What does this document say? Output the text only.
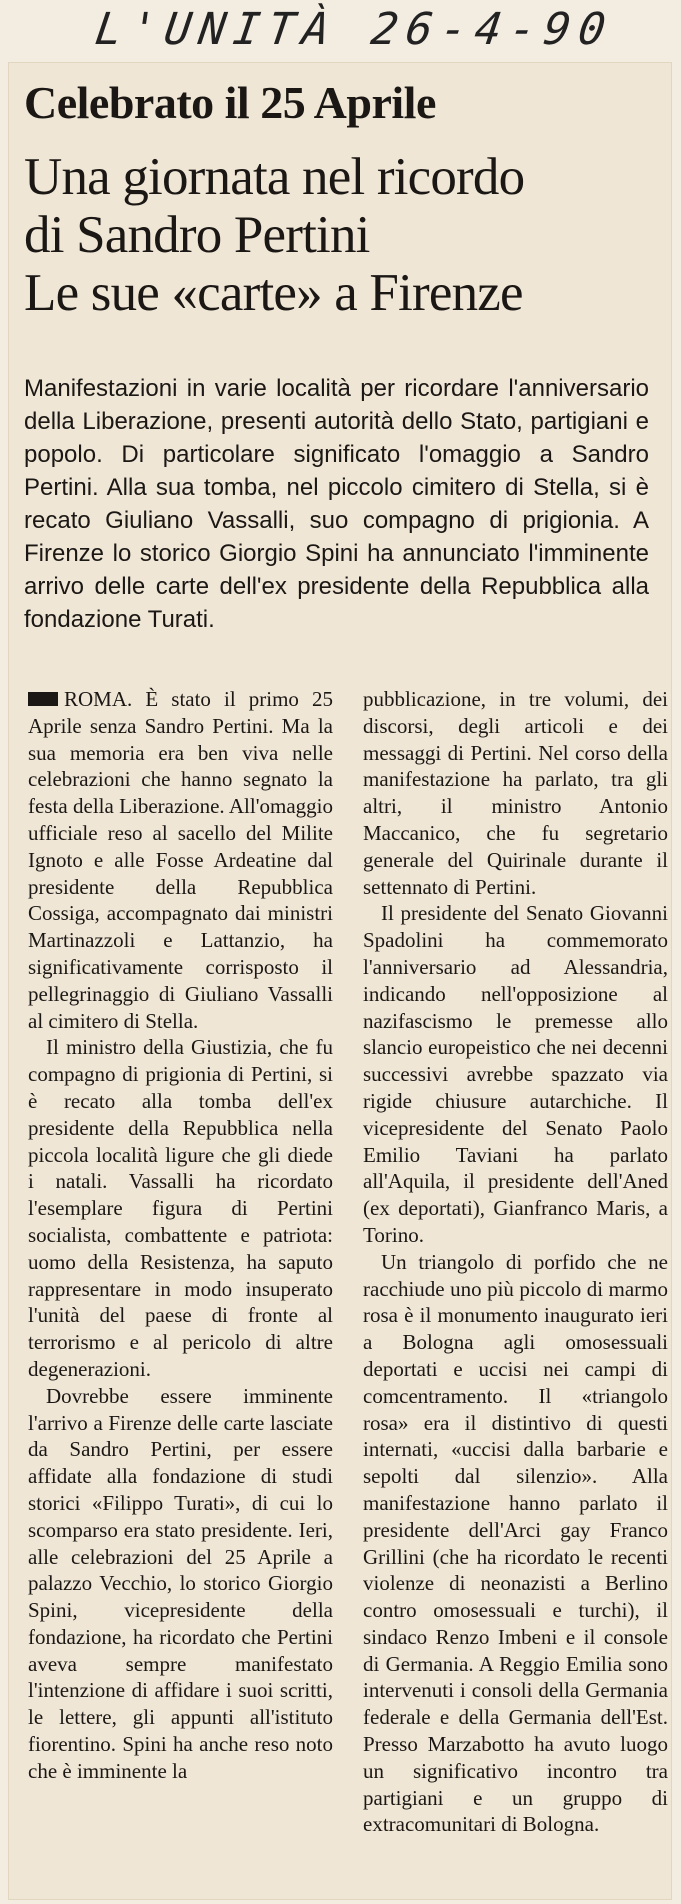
L'UNITÀ 26-4-90
Celebrato il 25 Aprile
Una giornata nel ricordo
di Sandro Pertini
Le sue «carte» a Firenze
Manifestazioni in varie località per ricordare l'anniversario della Liberazione, presenti autorità dello Stato, partigiani e popolo. Di particolare significato l'omaggio a Sandro Pertini. Alla sua tomba, nel piccolo cimitero di Stella, si è recato Giuliano Vassalli, suo compagno di prigionia. A Firenze lo storico Giorgio Spini ha annunciato l'imminente arrivo delle carte dell'ex presidente della Repubblica alla fondazione Turati.

ROMA. È stato il primo 25 Aprile senza Sandro Pertini. Ma la sua memoria era ben viva nelle celebrazioni che hanno segnato la festa della Liberazione. All'omaggio ufficiale reso al sacello del Milite Ignoto e alle Fosse Ardeatine dal presidente della Repubblica Cossiga, accompagnato dai ministri Martinazzoli e Lattanzio, ha significativamente corrisposto il pellegrinaggio di Giuliano Vassalli al cimitero di Stella.

Il ministro della Giustizia, che fu compagno di prigionia di Pertini, si è recato alla tomba dell'ex presidente della Repubblica nella piccola località ligure che gli diede i natali. Vassalli ha ricordato l'esemplare figura di Pertini socialista, combattente e patriota: uomo della Resistenza, ha saputo rappresentare in modo insuperato l'unità del paese di fronte al terrorismo e al pericolo di altre degenerazioni.

Dovrebbe essere imminente l'arrivo a Firenze delle carte lasciate da Sandro Pertini, per essere affidate alla fondazione di studi storici «Filippo Turati», di cui lo scomparso era stato presidente. Ieri, alle celebrazioni del 25 Aprile a palazzo Vecchio, lo storico Giorgio Spini, vicepresidente della fondazione, ha ricordato che Pertini aveva sempre manifestato l'intenzione di affidare i suoi scritti, le lettere, gli appunti all'istituto fiorentino. Spini ha anche reso noto che è imminente la

pubblicazione, in tre volumi, dei discorsi, degli articoli e dei messaggi di Pertini. Nel corso della manifestazione ha parlato, tra gli altri, il ministro Antonio Maccanico, che fu segretario generale del Quirinale durante il settennato di Pertini.

Il presidente del Senato Giovanni Spadolini ha commemorato l'anniversario ad Alessandria, indicando nell'opposizione al nazifascismo le premesse allo slancio europeistico che nei decenni successivi avrebbe spazzato via rigide chiusure autarchiche. Il vicepresidente del Senato Paolo Emilio Taviani ha parlato all'Aquila, il presidente dell'Aned (ex deportati), Gianfranco Maris, a Torino.

Un triangolo di porfido che ne racchiude uno più piccolo di marmo rosa è il monumento inaugurato ieri a Bologna agli omosessuali deportati e uccisi nei campi di comcentramento. Il «triangolo rosa» era il distintivo di questi internati, «uccisi dalla barbarie e sepolti dal silenzio». Alla manifestazione hanno parlato il presidente dell'Arci gay Franco Grillini (che ha ricordato le recenti violenze di neonazisti a Berlino contro omosessuali e turchi), il sindaco Renzo Imbeni e il console di Germania. A Reggio Emilia sono intervenuti i consoli della Germania federale e della Germania dell'Est. Presso Marzabotto ha avuto luogo un significativo incontro tra partigiani e un gruppo di extracomunitari di Bologna.
